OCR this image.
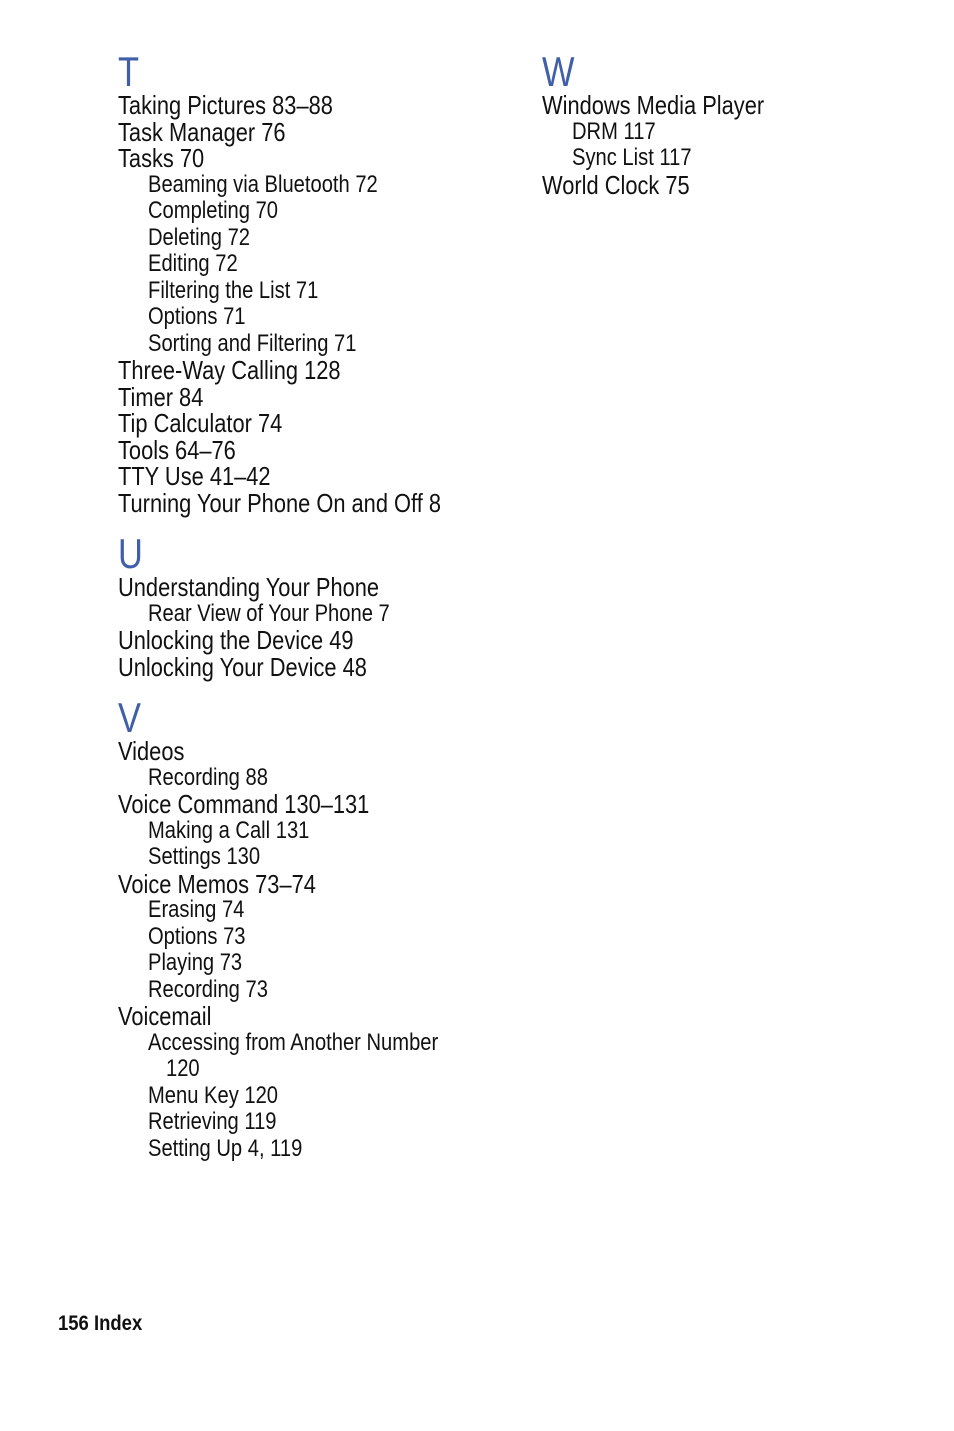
T
Taking Pictures 83–88
Task Manager 76
Tasks 70
Beaming via Bluetooth 72
Completing 70
Deleting 72
Editing 72
Filtering the List 71
Options 71
Sorting and Filtering 71
Three-Way Calling 128
Timer 84
Tip Calculator 74
Tools 64–76
TTY Use 41–42
Turning Your Phone On and Off 8
U
Understanding Your Phone
Rear View of Your Phone 7
Unlocking the Device 49
Unlocking Your Device 48
V
Videos
Recording 88
Voice Command 130–131
Making a Call 131
Settings 130
Voice Memos 73–74
Erasing 74
Options 73
Playing 73
Recording 73
Voicemail
Accessing from Another Number
120
Menu Key 120
Retrieving 119
Setting Up 4, 119
W
Windows Media Player
DRM 117
Sync List 117
World Clock 75
156 Index
